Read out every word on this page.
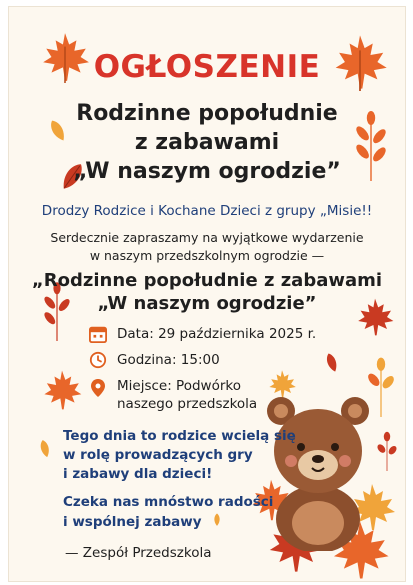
OGŁOSZENIE
Rodzinne popołudnie
z zabawami
„W naszym ogrodzie”
Drodzy Rodzice i Kochane Dzieci z grupy „Misie!!
Serdecznie zapraszamy na wyjątkowe wydarzenie
w naszym przedszkolnym ogrodzie —
„Rodzinne popołudnie z zabawami
„W naszym ogrodzie”
Data: 29 października 2025 r.
Godzina: 15:00
Miejsce: Podwórko
naszego przedszkola
Tego dnia to rodzice wcielą się
w rolę prowadzących gry
i zabawy dla dzieci!
Czeka nas mnóstwo radości
i wspólnej zabawy
— Zespół Przedszkola
